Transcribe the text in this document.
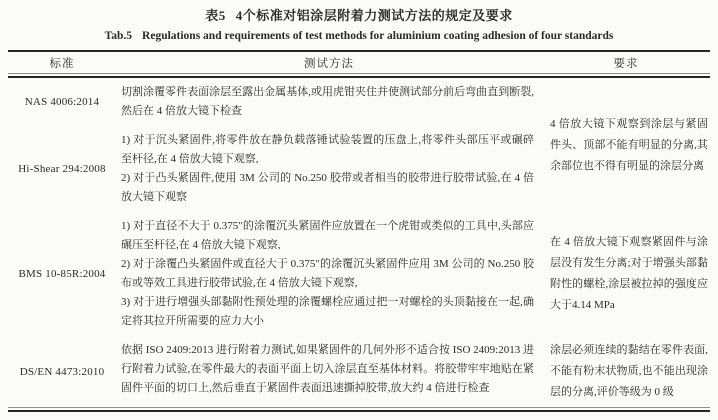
表5 4个标准对铝涂层附着力测试方法的规定及要求
Tab.5 Regulations and requirements of test methods for aluminium coating adhesion of four standards
标准	测试方法	要求
NAS 4006:2014

切割涂覆零件表面涂层至露出金属基体,或用虎钳夹住并使测试部分前后弯曲直到断裂,然后在 4 倍放大镜下检查

4 倍放大镜下观察到涂层与紧固件头、顶部不能有明显的分离,其余部位也不得有明显的涂层分离

Hi-Shear 294:2008

1) 对于沉头紧固件,将零件放在静负载落锤试验装置的压盘上,将零件头部压平或碾碎至杆径,在 4 倍放大镜下观察,

2) 对于凸头紧固件,使用 3M 公司的 No.250 胶带或者相当的胶带进行胶带试验,在 4 倍放大镜下观察

BMS 10-85R:2004

1) 对于直径不大于 0.375″的涂覆沉头紧固件应放置在一个虎钳或类似的工具中,头部应碾压至杆径,在 4 倍放大镜下观察,

2) 对于涂覆凸头紧固件或直径大于 0.375″的涂覆沉头紧固件应用 3M 公司的 No.250 胶布或等效工具进行胶带试验,在 4 倍放大镜下观察,

3) 对于进行增强头部黏附性预处理的涂覆螺栓应通过把一对螺栓的头顶黏接在一起,确定将其拉开所需要的应力大小

在 4 倍放大镜下观察紧固件与涂层没有发生分离;对于增强头部黏附性的螺栓,涂层被拉掉的强度应大于4.14 MPa

DS/EN 4473:2010

依据 ISO 2409:2013 进行附着力测试,如果紧固件的几何外形不适合按 ISO 2409:2013 进行附着力试验,在零件最大的表面平面上切入涂层直至基体材料。将胶带牢牢地贴在紧固件平面的切口上,然后垂直于紧固件表面迅速撕掉胶带,放大约 4 倍进行检查

涂层必须连续的黏结在零件表面,不能有粉末状物质,也不能出现涂层的分离,评价等级为 0 级
